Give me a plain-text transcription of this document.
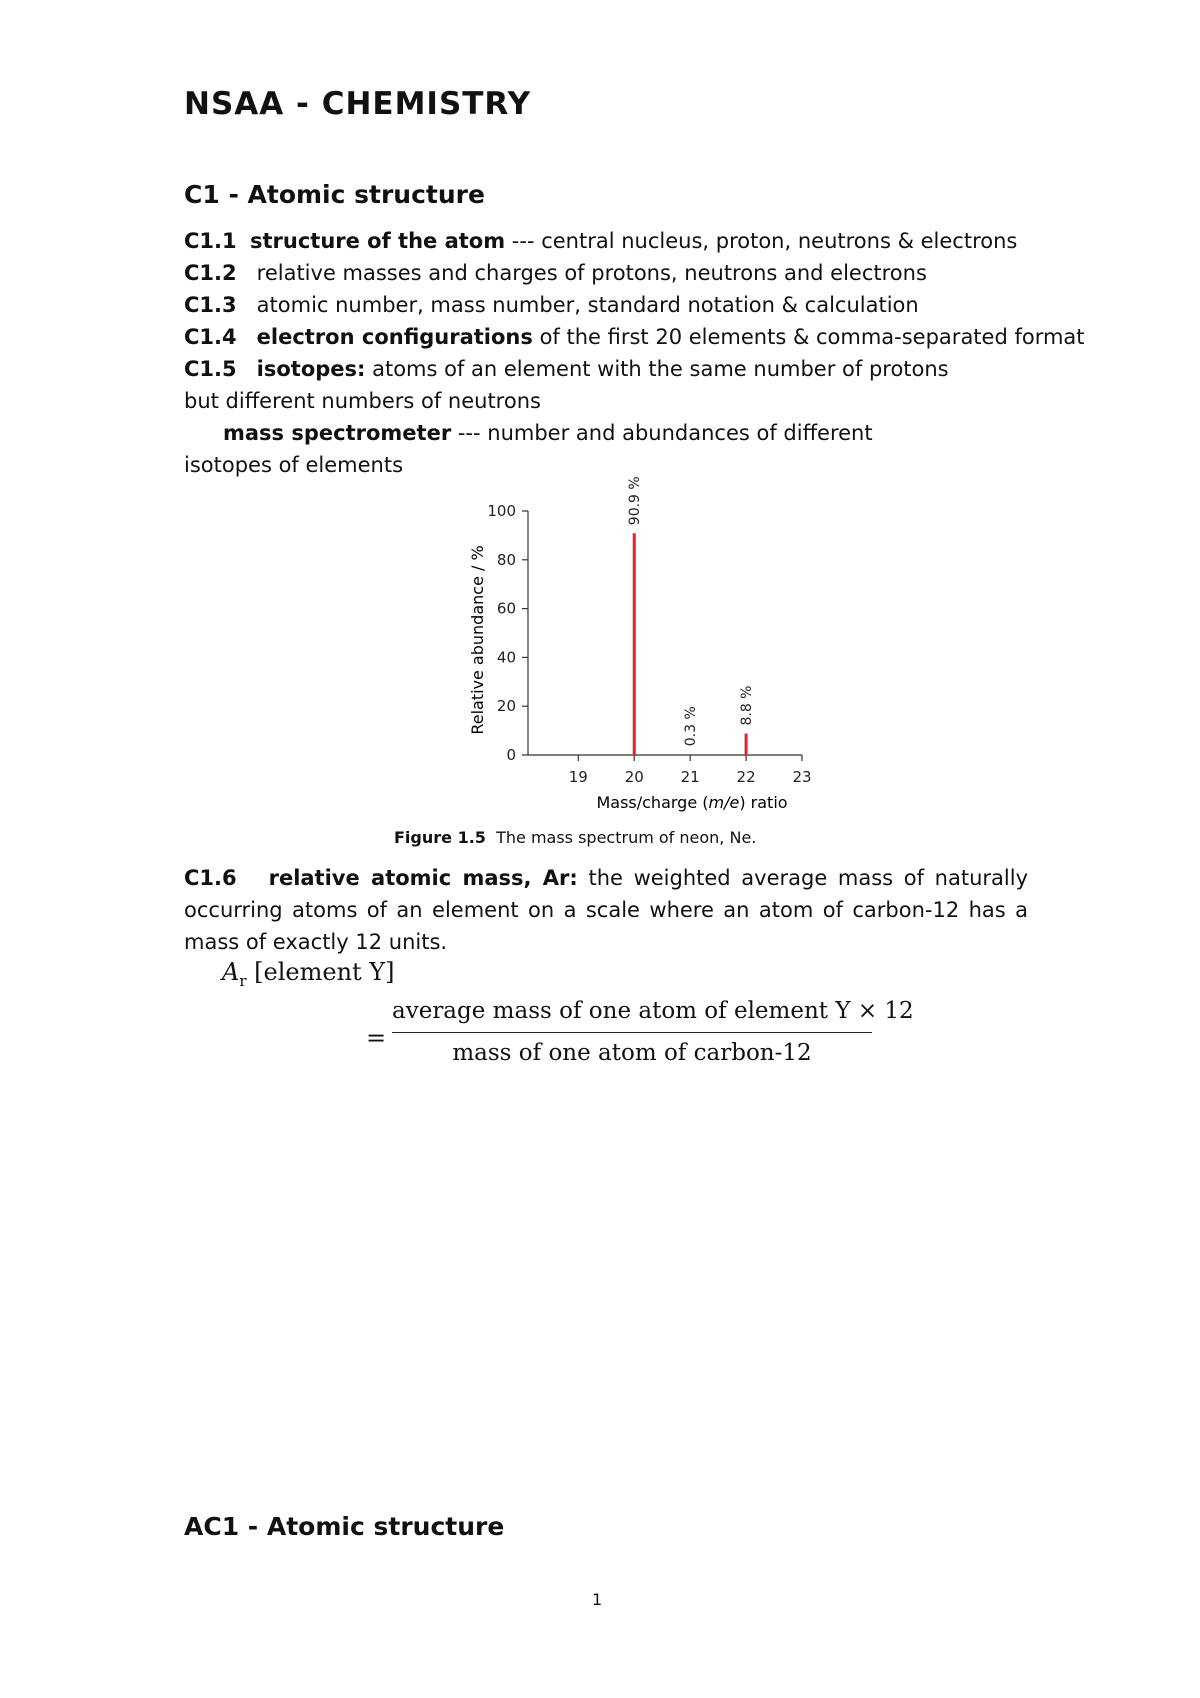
NSAA - CHEMISTRY
C1 - Atomic structure
C1.1 structure of the atom --- central nucleus, proton, neutrons & electrons
C1.2 relative masses and charges of protons, neutrons and electrons
C1.3 atomic number, mass number, standard notation & calculation
C1.4 electron configurations of the first 20 elements & comma-separated format
C1.5 isotopes: atoms of an element with the same number of protons
but different numbers of neutrons
mass spectrometer --- number and abundances of different
isotopes of elements
0
20
40
60
80
100
19 20 21 22 23
90.9 %
0.3 %
8.8 %
Relative abundance / %
Mass/charge (m/e) ratio
Figure 1.5 The mass spectrum of neon, Ne.
C1.6 relative atomic mass, Ar: the weighted average mass of naturally occurring atoms of an element on a scale where an atom of carbon-12 has a mass of exactly 12 units.
$A_r$ [element Y]
=
average mass of one atom of element Y × 12
mass of one atom of carbon-12
AC1 - Atomic structure
1
